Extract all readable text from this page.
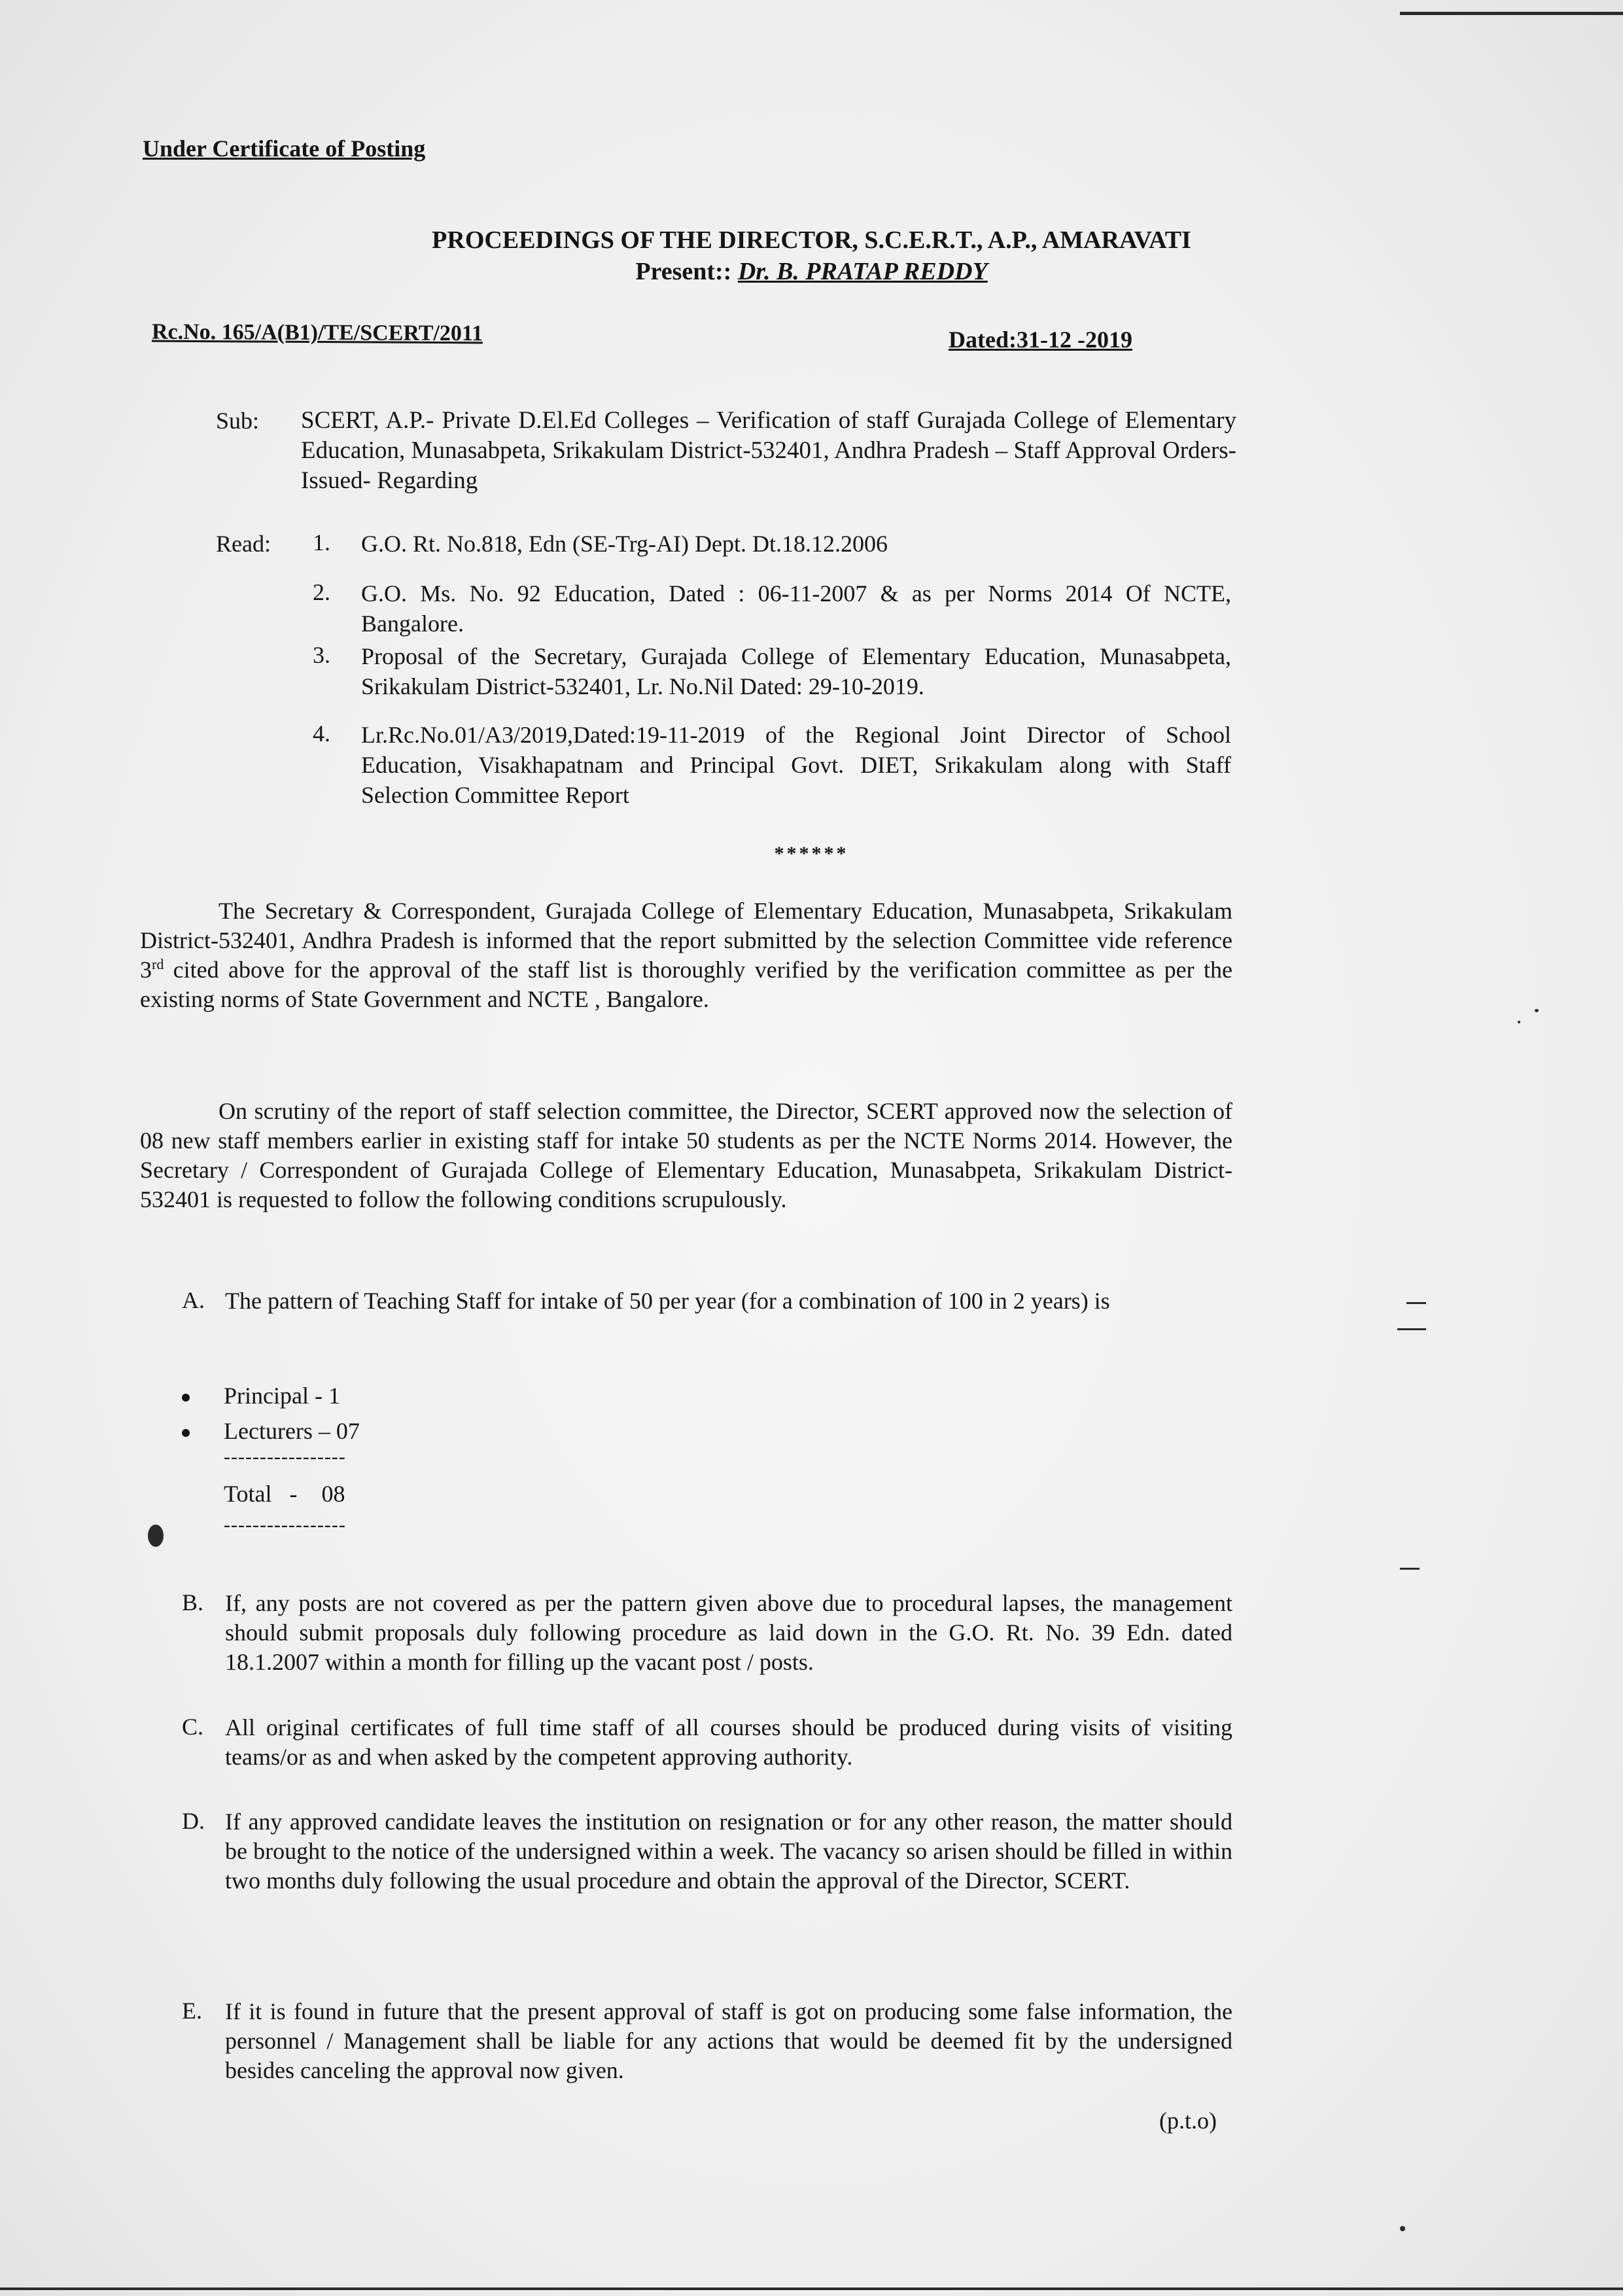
Under Certificate of Posting
PROCEEDINGS OF THE DIRECTOR, S.C.E.R.T., A.P., AMARAVATI
Present:: Dr. B. PRATAP REDDY
Rc.No. 165/A(B1)/TE/SCERT/2011	Dated:31-12 -2019
Sub: SCERT, A.P.- Private D.El.Ed Colleges – Verification of staff Gurajada College of Elementary Education, Munasabpeta, Srikakulam District-532401, Andhra Pradesh – Staff Approval Orders- Issued- Regarding
Read: 1. G.O. Rt. No.818, Edn (SE-Trg-AI) Dept. Dt.18.12.2006
2. G.O. Ms. No. 92 Education, Dated : 06-11-2007 & as per Norms 2014 Of NCTE, Bangalore.
3. Proposal of the Secretary, Gurajada College of Elementary Education, Munasabpeta, Srikakulam District-532401, Lr. No.Nil Dated: 29-10-2019.
4. Lr.Rc.No.01/A3/2019,Dated:19-11-2019 of the Regional Joint Director of School Education, Visakhapatnam and Principal Govt. DIET, Srikakulam along with Staff Selection Committee Report
******
The Secretary & Correspondent, Gurajada College of Elementary Education, Munasabpeta, Srikakulam District-532401, Andhra Pradesh is informed that the report submitted by the selection Committee vide reference 3rd cited above for the approval of the staff list is thoroughly verified by the verification committee as per the existing norms of State Government and NCTE , Bangalore.
On scrutiny of the report of staff selection committee, the Director, SCERT approved now the selection of 08 new staff members earlier in existing staff for intake 50 students as per the NCTE Norms 2014. However, the Secretary / Correspondent of Gurajada College of Elementary Education, Munasabpeta, Srikakulam District-532401 is requested to follow the following conditions scrupulously.
A. The pattern of Teaching Staff for intake of 50 per year (for a combination of 100 in 2 years) is
Principal - 1
Lecturers – 07
-----------------
Total - 08
-----------------
B. If, any posts are not covered as per the pattern given above due to procedural lapses, the management should submit proposals duly following procedure as laid down in the G.O. Rt. No. 39 Edn. dated 18.1.2007 within a month for filling up the vacant post / posts.
C. All original certificates of full time staff of all courses should be produced during visits of visiting teams/or as and when asked by the competent approving authority.
D. If any approved candidate leaves the institution on resignation or for any other reason, the matter should be brought to the notice of the undersigned within a week. The vacancy so arisen should be filled in within two months duly following the usual procedure and obtain the approval of the Director, SCERT.
E. If it is found in future that the present approval of staff is got on producing some false information, the personnel / Management shall be liable for any actions that would be deemed fit by the undersigned besides canceling the approval now given.
(p.t.o)
